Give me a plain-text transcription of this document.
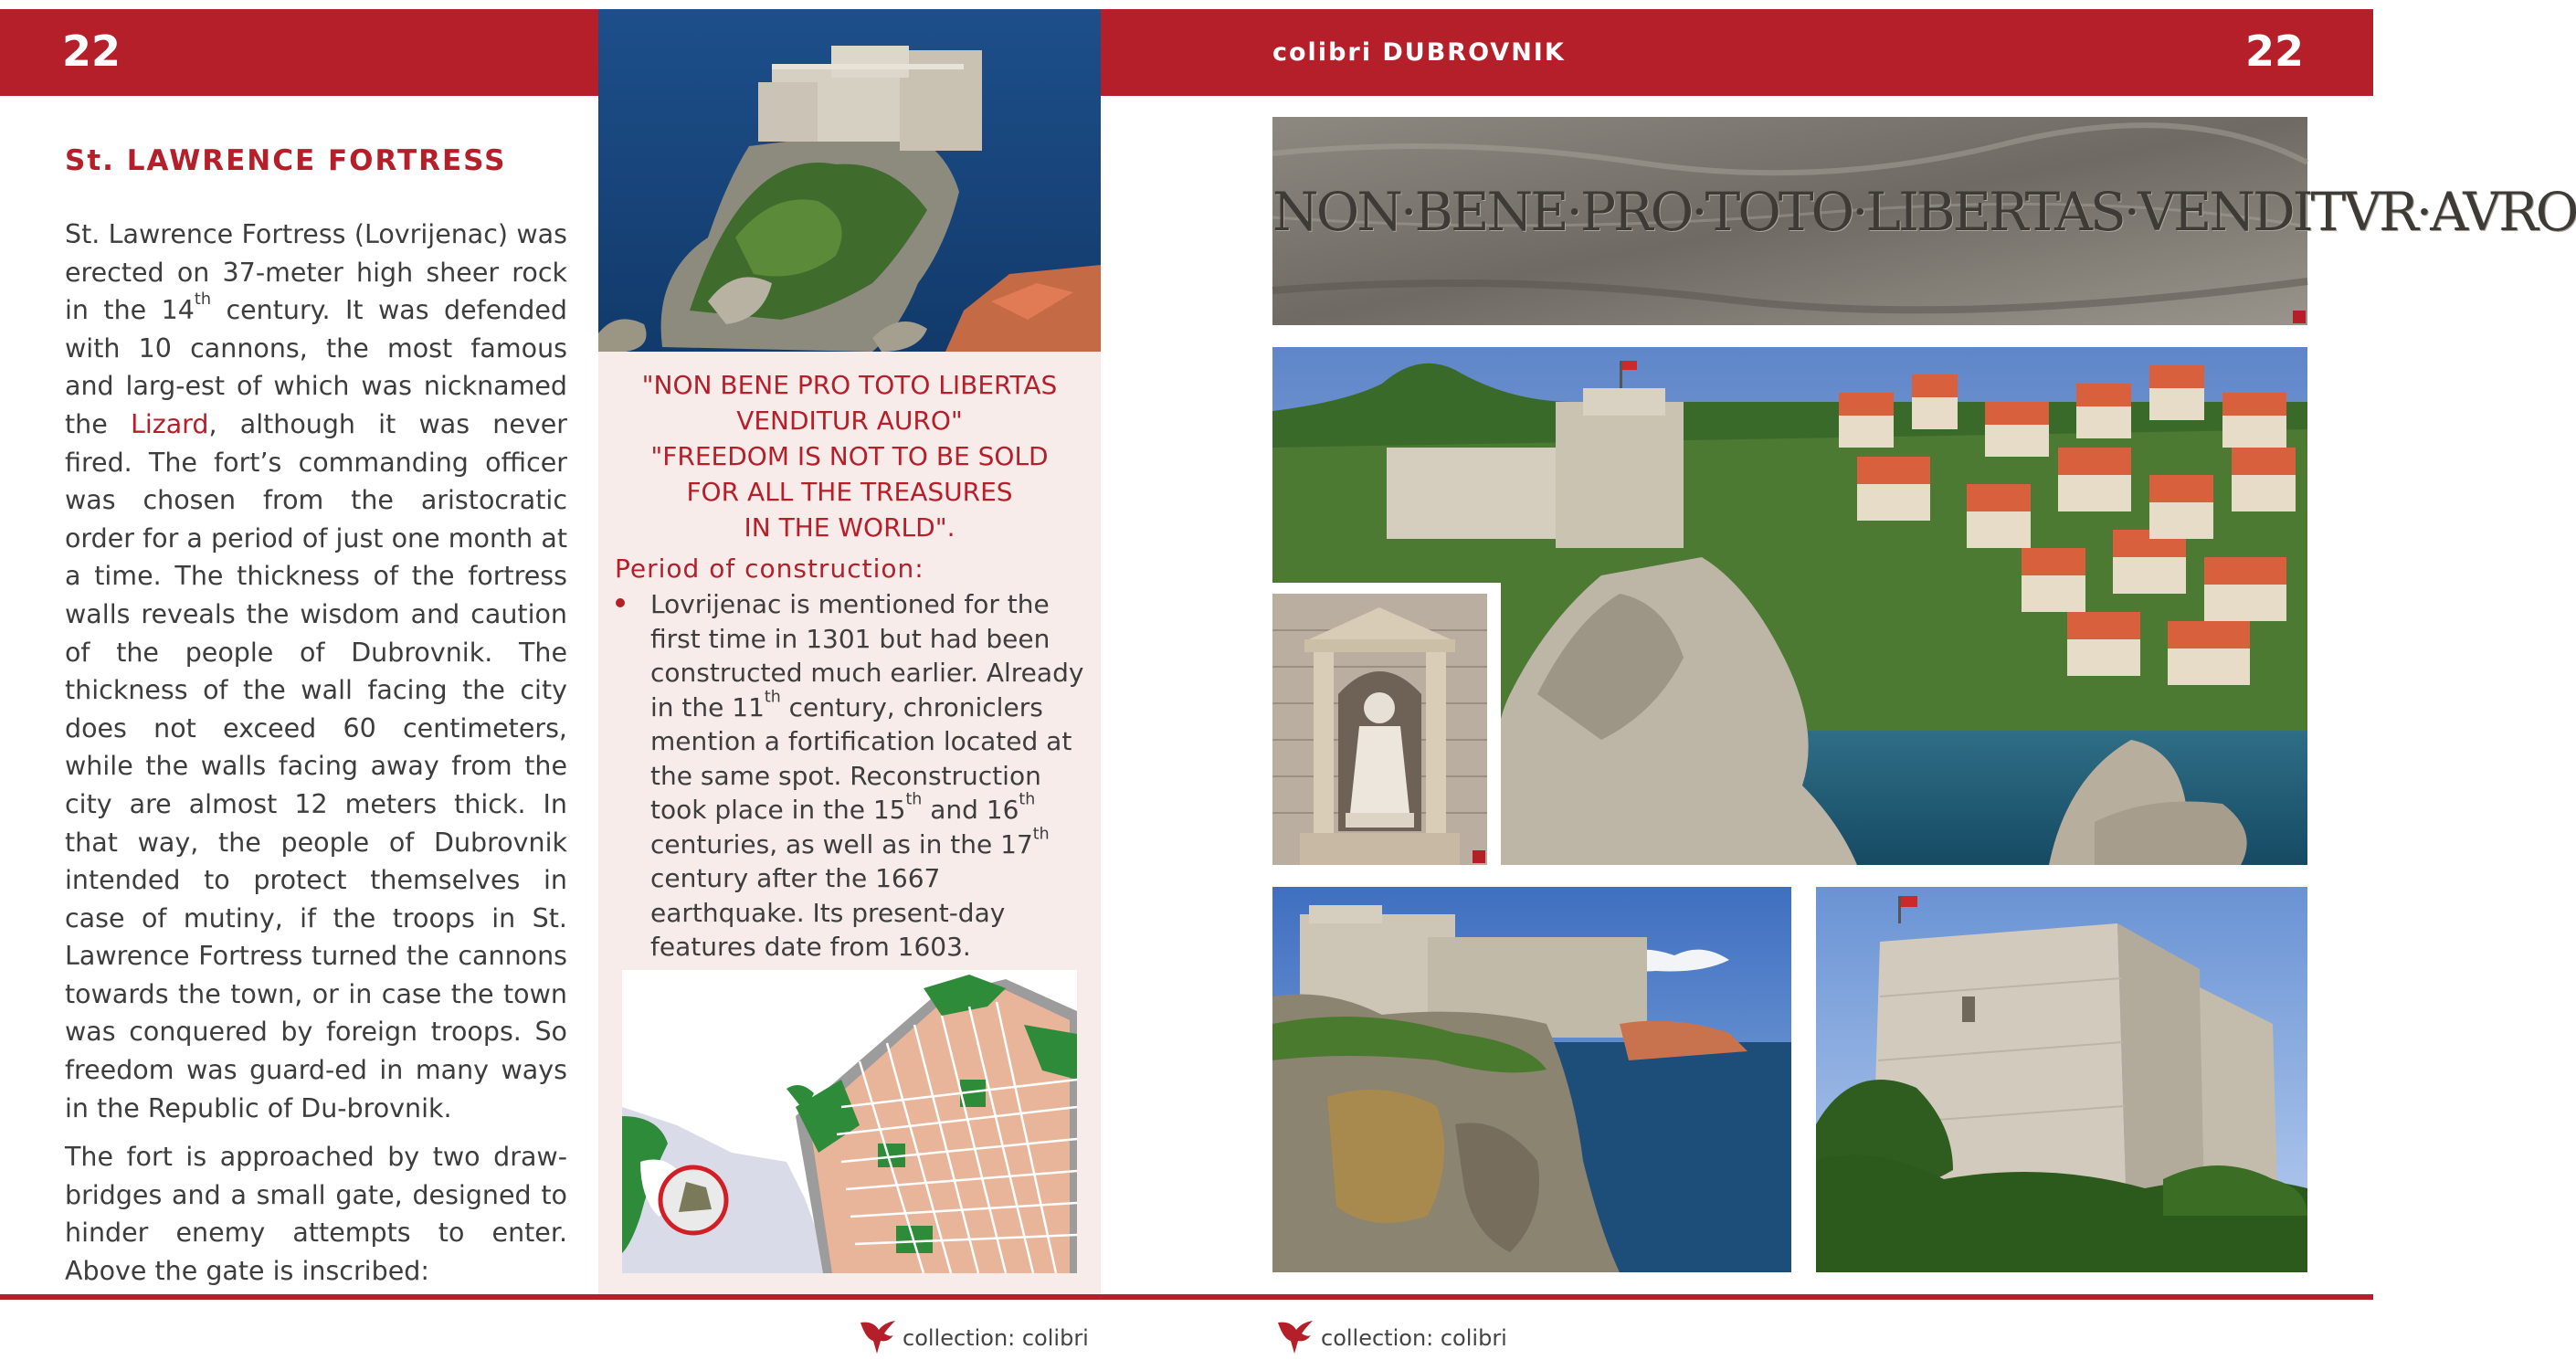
22	colibri DUBROVNIK	22
St. LAWRENCE FORTRESS

St. Lawrence Fortress (Lovrijenac) was erected on 37-meter high sheer rock in the 14th century. It was defended with 10 cannons, the most famous and larg-est of which was nicknamed the Lizard, although it was never fired. The fort’s commanding officer was chosen from the aristocratic order for a period of just one month at a time. The thickness of the fortress walls reveals the wisdom and caution of the people of Dubrovnik. The thickness of the wall facing the city does not exceed 60 centimeters, while the walls facing away from the city are almost 12 meters thick. In that way, the people of Dubrovnik intended to protect themselves in case of mutiny, if the troops in St. Lawrence Fortress turned the cannons towards the town, or in case the town was conquered by foreign troops. So freedom was guard-ed in many ways in the Republic of Du-brovnik.

The fort is approached by two draw-bridges and a small gate, designed to hinder enemy attempts to enter. Above the gate is inscribed:

"NON BENE PRO TOTO LIBERTAS
VENDITUR AURO"
"FREEDOM IS NOT TO BE SOLD
FOR ALL THE TREASURES
IN THE WORLD".
Period of construction:
Lovrijenac is mentioned for the first time in 1301 but had been constructed much earlier. Already in the 11th century, chroniclers mention a fortification located at the same spot. Reconstruction took place in the 15th and 16th centuries, as well as in the 17th century after the 1667 earthquake. Its present-day features date from 1603.
NON·BENE·PRO·TOTO·LIBERTAS·VENDITVR·AVRO
collection: colibri	collection: colibri
